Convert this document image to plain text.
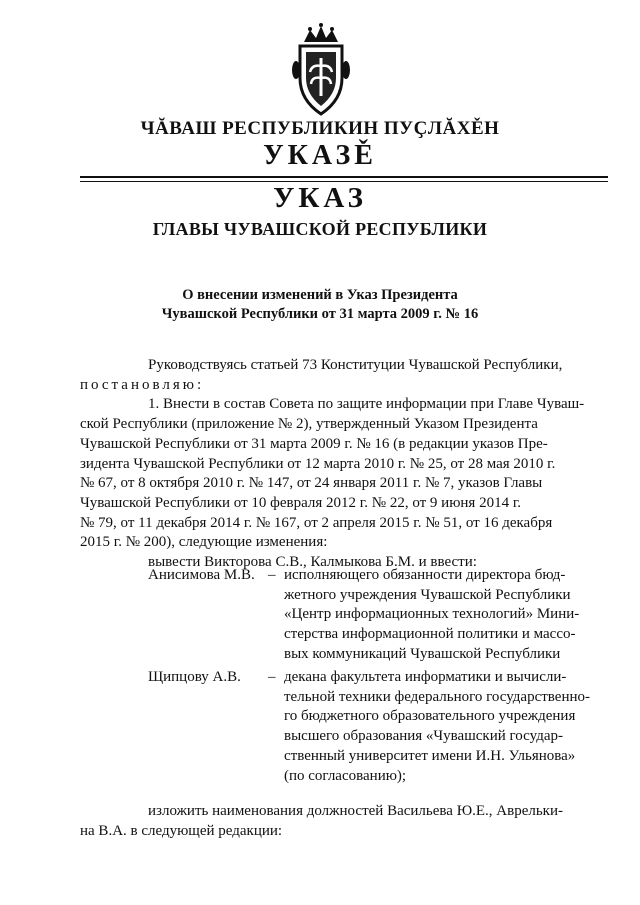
ЧĂВАШ РЕСПУБЛИКИН ПУҪЛĂХĚН
УКАЗĚ
УКАЗ
ГЛАВЫ ЧУВАШСКОЙ РЕСПУБЛИКИ
О внесении изменений в Указ Президента
Чувашской Республики от 31 марта 2009 г. № 16
Руководствуясь статьей 73 Конституции Чувашской Республики,
постановляю:
1. Внести в состав Совета по защите информации при Главе Чуваш-
ской Республики (приложение № 2), утвержденный Указом Президента
Чувашской Республики от 31 марта 2009 г. № 16 (в редакции указов Пре-
зидента Чувашской Республики от 12 марта 2010 г. № 25, от 28 мая 2010 г.
№ 67, от 8 октября 2010 г. № 147, от 24 января 2011 г. № 7, указов Главы
Чувашской Республики от 10 февраля 2012 г. № 22, от 9 июня 2014 г.
№ 79, от 11 декабря 2014 г. № 167, от 2 апреля 2015 г. № 51, от 16 декабря
2015 г. № 200), следующие изменения:
вывести Викторова С.В., Калмыкова Б.М. и ввести:
Анисимова М.В. – исполняющего обязанности директора бюд-
жетного учреждения Чувашской Республики
«Центр информационных технологий» Мини-
стерства информационной политики и массо-
вых коммуникаций Чувашской Республики
Щипцову А.В.	– декана факультета информатики и вычисли-
тельной техники федерального государственно-
го бюджетного образовательного учреждения
высшего образования «Чувашский государ-
ственный университет имени И.Н. Ульянова»
(по согласованию);
изложить наименования должностей Васильева Ю.Е., Аврельки-
на В.А. в следующей редакции:
